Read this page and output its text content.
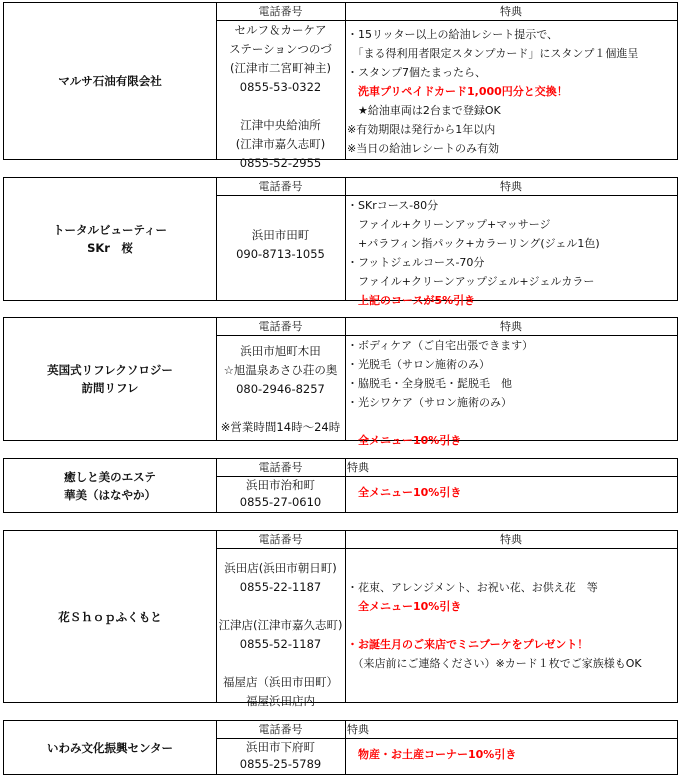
マルサ石油有限会社
電話番号
セルフ＆カーケア
ステーションつのづ
(江津市二宮町神主)
0855-53-0322
江津中央給油所
(江津市嘉久志町)
0855-52-2955
特典
・15リッター以上の給油レシート提示で、
　「まる得利用者限定スタンプカード」にスタンプ１個進呈
・スタンプ7個たまったら、
　洗車プリペイドカード1,000円分と交換！
　★給油車両は2台まで登録OK
※有効期限は発行から1年以内
※当日の給油レシートのみ有効
トータルビューティー
SKr　桜
電話番号
浜田市田町
090-8713-1055
特典
・SKrコース-80分
　ファイル+クリーンアップ+マッサージ
　+パラフィン指パック+カラーリング(ジェル1色)
・フットジェルコース-70分
　ファイル+クリーンアップジェル+ジェルカラー
　上記のコースが5%引き
英国式リフレクソロジー
訪問リフレ
電話番号
浜田市旭町木田
☆旭温泉あさひ荘の奥
080-2946-8257
※営業時間14時～24時
特典
・ボディケア（ご自宅出張できます）
・光脱毛（サロン施術のみ）
・脇脱毛・全身脱毛・髭脱毛　他
・光シワケア（サロン施術のみ）
　全メニュー10%引き
癒しと美のエステ
華美（はなやか）
電話番号
浜田市治和町
0855-27-0610
特典
　全メニュー10%引き
花Ｓｈｏｐふくもと
電話番号
浜田店(浜田市朝日町)
0855-22-1187
江津店(江津市嘉久志町)
0855-52-1187
福屋店（浜田市田町）
福屋浜田店内
特典
・花束、アレンジメント、お祝い花、お供え花　等
　全メニュー10%引き
・お誕生月のご来店でミニブーケをプレゼント！
　（来店前にご連絡ください）※カード１枚でご家族様もOK
いわみ文化振興センター
電話番号
浜田市下府町
0855-25-5789
特典
　物産・お土産コーナー10%引き
